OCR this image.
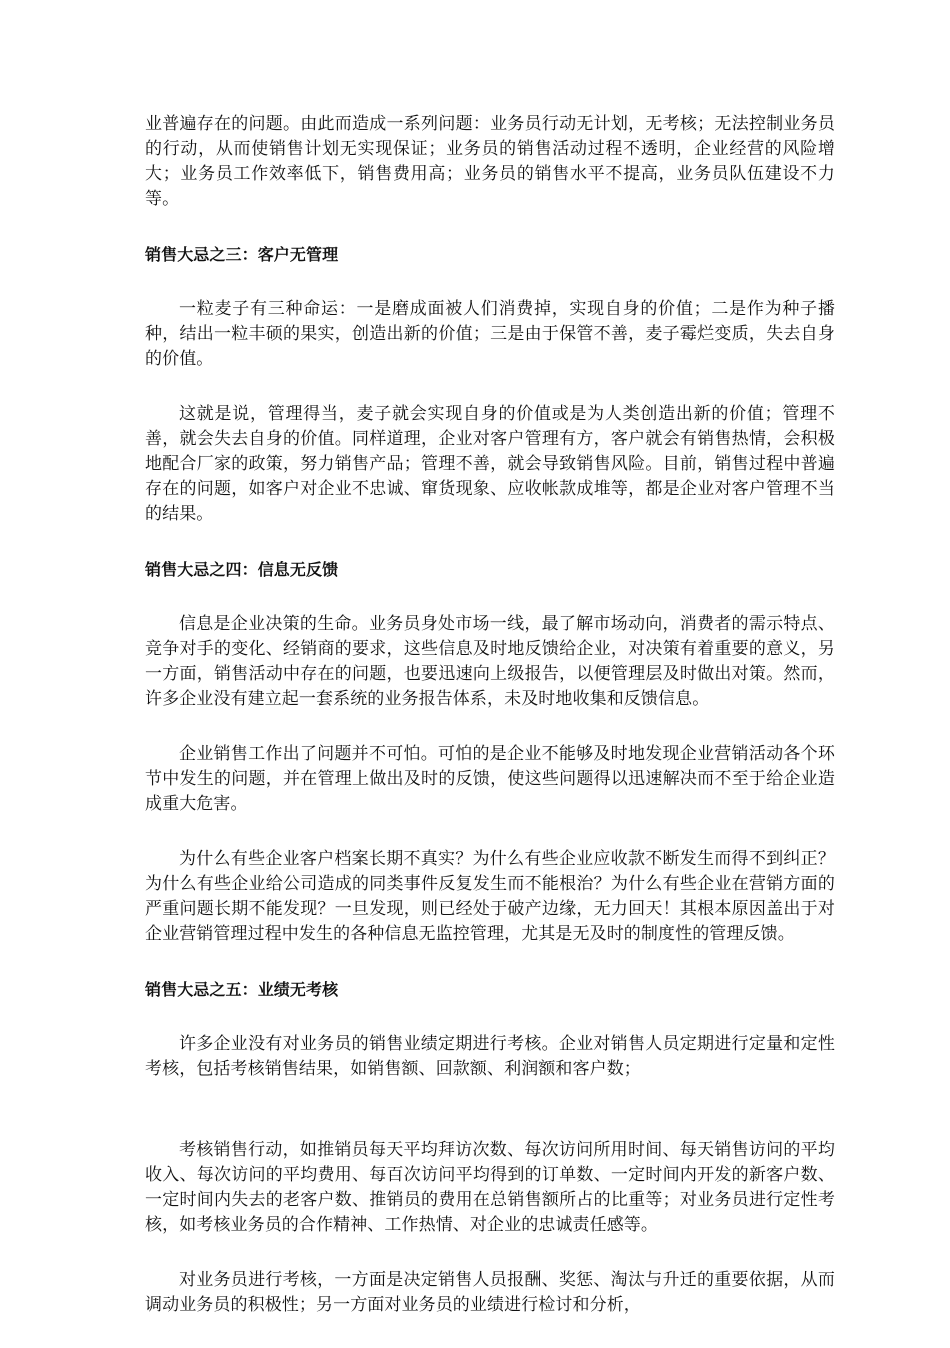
业普遍存在的问题。由此而造成一系列问题：业务员行动无计划，无考核；无法控制业务员的行动，从而使销售计划无实现保证；业务员的销售活动过程不透明，企业经营的风险增大；业务员工作效率低下，销售费用高；业务员的销售水平不提高，业务员队伍建设不力等。

销售大忌之三：客户无管理

一粒麦子有三种命运：一是磨成面被人们消费掉，实现自身的价值；二是作为种子播种，结出一粒丰硕的果实，创造出新的价值；三是由于保管不善，麦子霉烂变质，失去自身的价值。

这就是说，管理得当，麦子就会实现自身的价值或是为人类创造出新的价值；管理不善，就会失去自身的价值。同样道理，企业对客户管理有方，客户就会有销售热情，会积极地配合厂家的政策，努力销售产品；管理不善，就会导致销售风险。目前，销售过程中普遍存在的问题，如客户对企业不忠诚、窜货现象、应收帐款成堆等，都是企业对客户管理不当的结果。

销售大忌之四：信息无反馈

信息是企业决策的生命。业务员身处市场一线，最了解市场动向，消费者的需示特点、竞争对手的变化、经销商的要求，这些信息及时地反馈给企业，对决策有着重要的意义，另一方面，销售活动中存在的问题，也要迅速向上级报告，以便管理层及时做出对策。然而，许多企业没有建立起一套系统的业务报告体系，未及时地收集和反馈信息。

企业销售工作出了问题并不可怕。可怕的是企业不能够及时地发现企业营销活动各个环节中发生的问题，并在管理上做出及时的反馈，使这些问题得以迅速解决而不至于给企业造成重大危害。

为什么有些企业客户档案长期不真实？为什么有些企业应收款不断发生而得不到纠正？为什么有些企业给公司造成的同类事件反复发生而不能根治？为什么有些企业在营销方面的严重问题长期不能发现？一旦发现，则已经处于破产边缘，无力回天！其根本原因盖出于对企业营销管理过程中发生的各种信息无监控管理，尤其是无及时的制度性的管理反馈。

销售大忌之五：业绩无考核

许多企业没有对业务员的销售业绩定期进行考核。企业对销售人员定期进行定量和定性考核，包括考核销售结果，如销售额、回款额、利润额和客户数；

考核销售行动，如推销员每天平均拜访次数、每次访问所用时间、每天销售访问的平均收入、每次访问的平均费用、每百次访问平均得到的订单数、一定时间内开发的新客户数、一定时间内失去的老客户数、推销员的费用在总销售额所占的比重等；对业务员进行定性考核，如考核业务员的合作精神、工作热情、对企业的忠诚责任感等。

对业务员进行考核，一方面是决定销售人员报酬、奖惩、淘汰与升迁的重要依据，从而调动业务员的积极性；另一方面对业务员的业绩进行检讨和分析，
